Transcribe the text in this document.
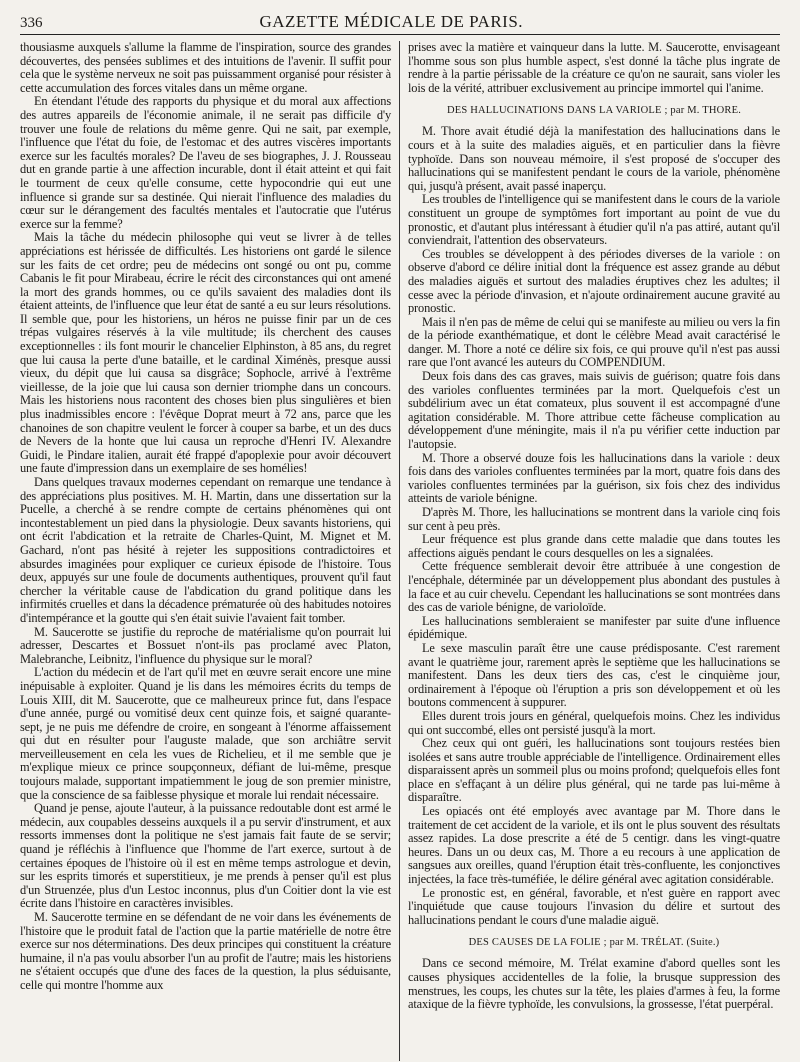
336	GAZETTE MÉDICALE DE PARIS.

thousiasme auxquels s'allume la flamme de l'inspiration, source des grandes découvertes, des pensées sublimes et des intuitions de l'avenir. Il suffit pour cela que le système nerveux ne soit pas puissamment organisé pour résister à cette accumulation des forces vitales dans un même organe.

En étendant l'étude des rapports du physique et du moral aux affections des autres appareils de l'économie animale, il ne serait pas difficile d'y trouver une foule de relations du même genre. Qui ne sait, par exemple, l'influence que l'état du foie, de l'estomac et des autres viscères importants exerce sur les facultés morales? De l'aveu de ses biographes, J. J. Rousseau dut en grande partie à une affection incurable, dont il était atteint et qui fait le tourment de ceux qu'elle consume, cette hypocondrie qui eut une influence si grande sur sa destinée. Qui nierait l'influence des maladies du cœur sur le dérangement des facultés mentales et l'autocratie que l'utérus exerce sur la femme?

Mais la tâche du médecin philosophe qui veut se livrer à de telles appréciations est hérissée de difficultés. Les historiens ont gardé le silence sur les faits de cet ordre; peu de médecins ont songé ou ont pu, comme Cabanis le fit pour Mirabeau, écrire le récit des circonstances qui ont amené la mort des grands hommes, ou ce qu'ils savaient des maladies dont ils étaient atteints, de l'influence que leur état de santé a eu sur leurs résolutions. Il semble que, pour les historiens, un héros ne puisse finir par un de ces trépas vulgaires réservés à la vile multitude; ils cherchent des causes exceptionnelles : ils font mourir le chancelier Elphinston, à 85 ans, du regret que lui causa la perte d'une bataille, et le cardinal Ximénès, presque aussi vieux, du dépit que lui causa sa disgrâce; Sophocle, arrivé à l'extrême vieillesse, de la joie que lui causa son dernier triomphe dans un concours. Mais les historiens nous racontent des choses bien plus singulières et bien plus inadmissibles encore : l'évêque Doprat meurt à 72 ans, parce que les chanoines de son chapitre veulent le forcer à couper sa barbe, et un des ducs de Nevers de la honte que lui causa un reproche d'Henri IV. Alexandre Guidi, le Pindare italien, aurait été frappé d'apoplexie pour avoir découvert une faute d'impression dans un exemplaire de ses homélies!

Dans quelques travaux modernes cependant on remarque une tendance à des appréciations plus positives. M. H. Martin, dans une dissertation sur la Pucelle, a cherché à se rendre compte de certains phénomènes qui ont incontestablement un pied dans la physiologie. Deux savants historiens, qui ont écrit l'abdication et la retraite de Charles-Quint, M. Mignet et M. Gachard, n'ont pas hésité à rejeter les suppositions contradictoires et absurdes imaginées pour expliquer ce curieux épisode de l'histoire. Tous deux, appuyés sur une foule de documents authentiques, prouvent qu'il faut chercher la véritable cause de l'abdication du grand politique dans les infirmités cruelles et dans la décadence prématurée où des habitudes notoires d'intempérance et la goutte qui s'en était suivie l'avaient fait tomber.

M. Saucerotte se justifie du reproche de matérialisme qu'on pourrait lui adresser, Descartes et Bossuet n'ont-ils pas proclamé avec Platon, Malebranche, Leibnitz, l'influence du physique sur le moral?

L'action du médecin et de l'art qu'il met en œuvre serait encore une mine inépuisable à exploiter. Quand je lis dans les mémoires écrits du temps de Louis XIII, dit M. Saucerotte, que ce malheureux prince fut, dans l'espace d'une année, purgé ou vomitisé deux cent quinze fois, et saigné quarante-sept, je ne puis me défendre de croire, en songeant à l'énorme affaissement qui dut en résulter pour l'auguste malade, que son archiâtre servit merveilleusement en cela les vues de Richelieu, et il me semble que je m'explique mieux ce prince soupçonneux, défiant de lui-même, presque toujours malade, supportant impatiemment le joug de son premier ministre, que la conscience de sa faiblesse physique et morale lui rendait nécessaire.

Quand je pense, ajoute l'auteur, à la puissance redoutable dont est armé le médecin, aux coupables desseins auxquels il a pu servir d'instrument, et aux ressorts immenses dont la politique ne s'est jamais fait faute de se servir; quand je réfléchis à l'influence que l'homme de l'art exerce, surtout à de certaines époques de l'histoire où il est en même temps astrologue et devin, sur les esprits timorés et superstitieux, je me prends à penser qu'il est plus d'un Struenzée, plus d'un Lestoc inconnus, plus d'un Coitier dont la vie est écrite dans l'histoire en caractères invisibles.

M. Saucerotte termine en se défendant de ne voir dans les événements de l'histoire que le produit fatal de l'action que la partie matérielle de notre être exerce sur nos déterminations. Des deux principes qui constituent la créature humaine, il n'a pas voulu absorber l'un au profit de l'autre; mais les historiens ne s'étaient occupés que d'une des faces de la question, la plus séduisante, celle qui montre l'homme aux

prises avec la matière et vainqueur dans la lutte. M. Saucerotte, envisageant l'homme sous son plus humble aspect, s'est donné la tâche plus ingrate de rendre à la partie périssable de la créature ce qu'on ne saurait, sans violer les lois de la vérité, attribuer exclusivement au principe immortel qui l'anime.

DES HALLUCINATIONS DANS LA VARIOLE ; par M. THORE.

M. Thore avait étudié déjà la manifestation des hallucinations dans le cours et à la suite des maladies aiguës, et en particulier dans la fièvre typhoïde. Dans son nouveau mémoire, il s'est proposé de s'occuper des hallucinations qui se manifestent pendant le cours de la variole, phénomène qui, jusqu'à présent, avait passé inaperçu.

Les troubles de l'intelligence qui se manifestent dans le cours de la variole constituent un groupe de symptômes fort important au point de vue du pronostic, et d'autant plus intéressant à étudier qu'il n'a pas attiré, autant qu'il conviendrait, l'attention des observateurs.

Ces troubles se développent à des périodes diverses de la variole : on observe d'abord ce délire initial dont la fréquence est assez grande au début des maladies aiguës et surtout des maladies éruptives chez les adultes; il cesse avec la période d'invasion, et n'ajoute ordinairement aucune gravité au pronostic.

Mais il n'en pas de même de celui qui se manifeste au milieu ou vers la fin de la période exanthématique, et dont le célèbre Mead avait caractérisé le danger. M. Thore a noté ce délire six fois, ce qui prouve qu'il n'est pas aussi rare que l'ont avancé les auteurs du COMPENDIUM.

Deux fois dans des cas graves, mais suivis de guérison; quatre fois dans des varioles confluentes terminées par la mort. Quelquefois c'est un subdélirium avec un état comateux, plus souvent il est accompagné d'une agitation considérable. M. Thore attribue cette fâcheuse complication au développement d'une méningite, mais il n'a pu vérifier cette induction par l'autopsie.

M. Thore a observé douze fois les hallucinations dans la variole : deux fois dans des varioles confluentes terminées par la mort, quatre fois dans des varioles confluentes terminées par la guérison, six fois chez des individus atteints de variole bénigne.

D'après M. Thore, les hallucinations se montrent dans la variole cinq fois sur cent à peu près.

Leur fréquence est plus grande dans cette maladie que dans toutes les affections aiguës pendant le cours desquelles on les a signalées.

Cette fréquence semblerait devoir être attribuée à une congestion de l'encéphale, déterminée par un développement plus abondant des pustules à la face et au cuir chevelu. Cependant les hallucinations se sont montrées dans des cas de variole bénigne, de varioloïde.

Les hallucinations sembleraient se manifester par suite d'une influence épidémique.

Le sexe masculin paraît être une cause prédisposante. C'est rarement avant le quatrième jour, rarement après le septième que les hallucinations se manifestent. Dans les deux tiers des cas, c'est le cinquième jour, ordinairement à l'époque où l'éruption a pris son développement et où les boutons commencent à suppurer.

Elles durent trois jours en général, quelquefois moins. Chez les individus qui ont succombé, elles ont persisté jusqu'à la mort.

Chez ceux qui ont guéri, les hallucinations sont toujours restées bien isolées et sans autre trouble appréciable de l'intelligence. Ordinairement elles disparaissent après un sommeil plus ou moins profond; quelquefois elles font place en s'effaçant à un délire plus général, qui ne tarde pas lui-même à disparaître.

Les opiacés ont été employés avec avantage par M. Thore dans le traitement de cet accident de la variole, et ils ont le plus souvent des résultats assez rapides. La dose prescrite a été de 5 centigr. dans les vingt-quatre heures. Dans un ou deux cas, M. Thore a eu recours à une application de sangsues aux oreilles, quand l'éruption était très-confluente, les conjonctives injectées, la face très-tuméfiée, le délire général avec agitation considérable.

Le pronostic est, en général, favorable, et n'est guère en rapport avec l'inquiétude que cause toujours l'invasion du délire et surtout des hallucinations pendant le cours d'une maladie aiguë.

DES CAUSES DE LA FOLIE ; par M. TRÉLAT. (Suite.)

Dans ce second mémoire, M. Trélat examine d'abord quelles sont les causes physiques accidentelles de la folie, la brusque suppression des menstrues, les coups, les chutes sur la tête, les plaies d'armes à feu, la forme ataxique de la fièvre typhoïde, les convulsions, la grossesse, l'état puerpéral.
